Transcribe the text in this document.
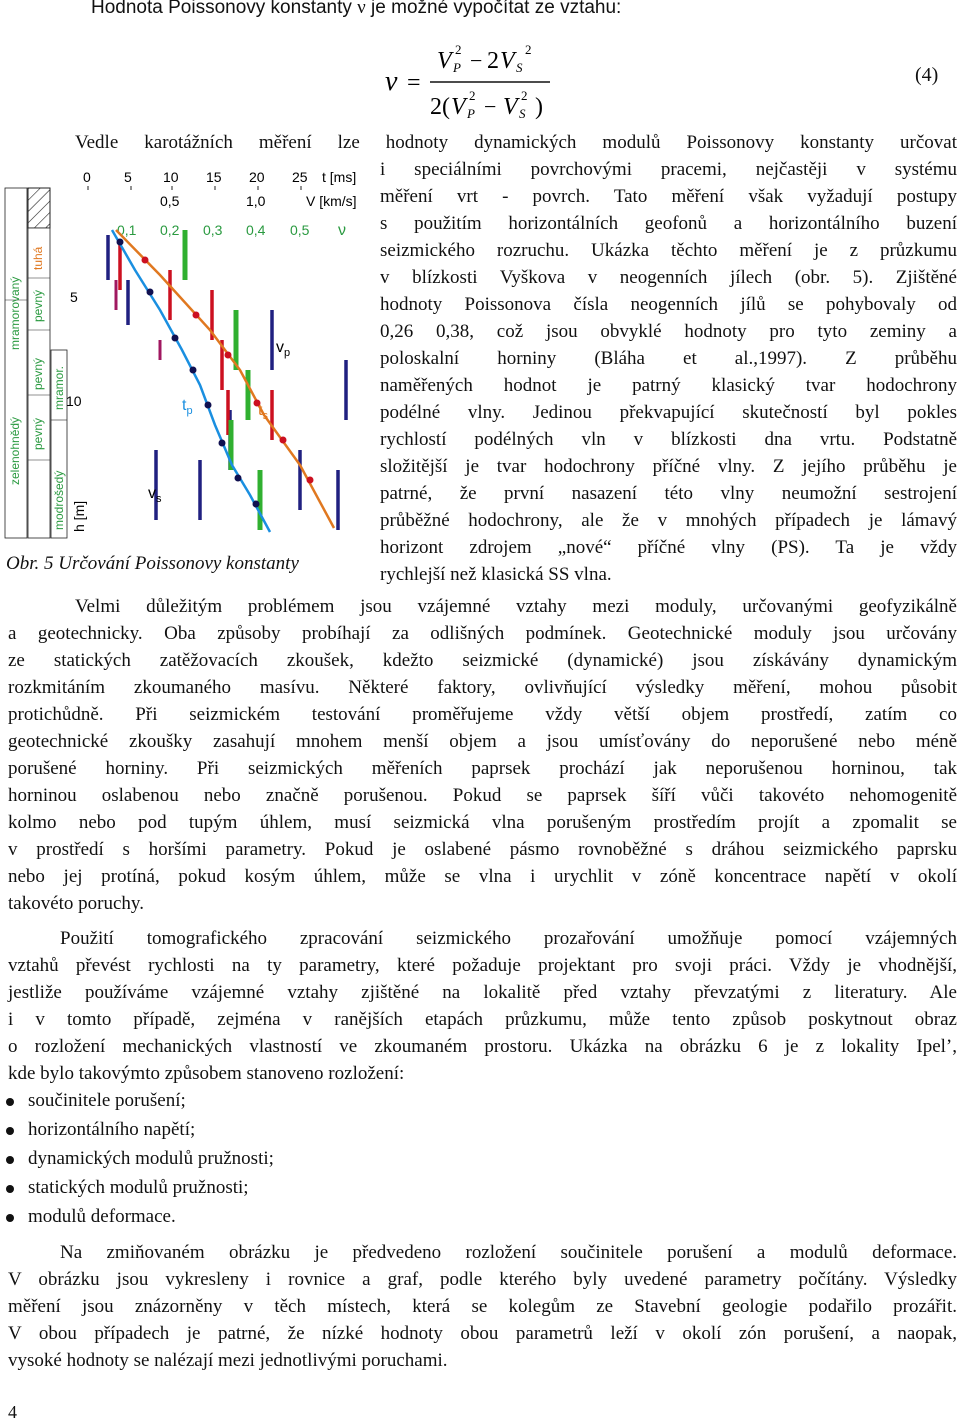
Hodnota Poissonovy konstanty ν je možné vypočítat ze vztahu:
ν =
V P
2 − 2 V S
2
2( V P
2 − V S
2 )
(4)
Vedle karotážních měření lze hodnoty dynamických modulů Poissonovy konstanty určovat
i speciálními povrchovými pracemi, nejčastěji v systému
měření vrt - povrch. Tato měření však vyžadují postupy
s použitím horizontálních geofonů a horizontálního buzení
seizmického rozruchu. Ukázka těchto měření je z průzkumu
v blízkosti Vyškova v neogenních jílech (obr. 5). Zjištěné
hodnoty Poissonova čísla neogenních jílů se pohybovaly od
0,26 0,38, což jsou obvyklé hodnoty pro tyto zeminy a
poloskalní horniny (Bláha et al.,1997). Z průběhu
naměřených hodnot je patrný klasický tvar hodochrony
podélné vlny. Jedinou překvapující skutečností byl pokles
rychlostí podélných vln v blízkosti dna vrtu. Podstatně
složitější je tvar hodochrony příčné vlny. Z jejího průběhu je
patrné, že první nasazení této vlny neumožní sestrojení
průběžné hodochrony, ale že v mnohých případech je lámavý
horizont zdrojem „nové“ příčné vlny (PS). Ta je vždy
rychlejší než klasická SS vlna.
zelenohnědý
mramorovaný
tuhá
pevný
mramor.
modrošedý
pevný
pevný
5
10
h [m]
0 5 10 15 20 25 t [ms]
0,5	1,0	V [km/s]
0,1 0,2 0,3 0,4 0,5 ν
$v_p$
$v_s$
$t_p$	$t_s$
Obr. 5 Určování Poissonovy konstanty
Velmi důležitým problémem jsou vzájemné vztahy mezi moduly, určovanými geofyzikálně
a geotechnicky. Oba způsoby probíhají za odlišných podmínek. Geotechnické moduly jsou určovány
ze statických zatěžovacích zkoušek, kdežto seizmické (dynamické) jsou získávány dynamickým
rozkmitáním zkoumaného masívu. Některé faktory, ovlivňující výsledky měření, mohou působit
protichůdně. Při seizmickém testování proměřujeme vždy větší objem prostředí, zatím co
geotechnické zkoušky zasahují mnohem menší objem a jsou umísťovány do neporušené nebo méně
porušené horniny. Při seizmických měřeních paprsek prochází jak neporušenou horninou, tak
horninou oslabenou nebo značně porušenou. Pokud se paprsek šíří vůči takovéto nehomogenitě
kolmo nebo pod tupým úhlem, musí seizmická vlna porušeným prostředím projít a zpomalit se
v prostředí s horšími parametry. Pokud je oslabené pásmo rovnoběžné s dráhou seizmického paprsku
nebo jej protíná, pokud kosým úhlem, může se vlna i urychlit v zóně koncentrace napětí v okolí
takovéto poruchy.
Použití tomografického zpracování seizmického prozařování umožňuje pomocí vzájemných
vztahů převést rychlosti na ty parametry, které požaduje projektant pro svoji práci. Vždy je vhodnější,
jestliže používáme vzájemné vztahy zjištěné na lokalitě před vztahy převzatými z literatury. Ale
i v tomto případě, zejména v ranějších etapách průzkumu, může tento způsob poskytnout obraz
o rozložení mechanických vlastností ve zkoumaném prostoru. Ukázka na obrázku 6 je z lokality Ipel’,
kde bylo takovýmto způsobem stanoveno rozložení:
součinitele porušení;
horizontálního napětí;
dynamických modulů pružnosti;
statických modulů pružnosti;
modulů deformace.
Na zmiňovaném obrázku je předvedeno rozložení součinitele porušení a modulů deformace.
V obrázku jsou vykresleny i rovnice a graf, podle kterého byly uvedené parametry počítány. Výsledky
měření jsou znázorněny v těch místech, která se kolegům ze Stavební geologie podařilo prozářit.
V obou případech je patrné, že nízké hodnoty obou parametrů leží v okolí zón porušení, a naopak,
vysoké hodnoty se nalézají mezi jednotlivými poruchami.
4
